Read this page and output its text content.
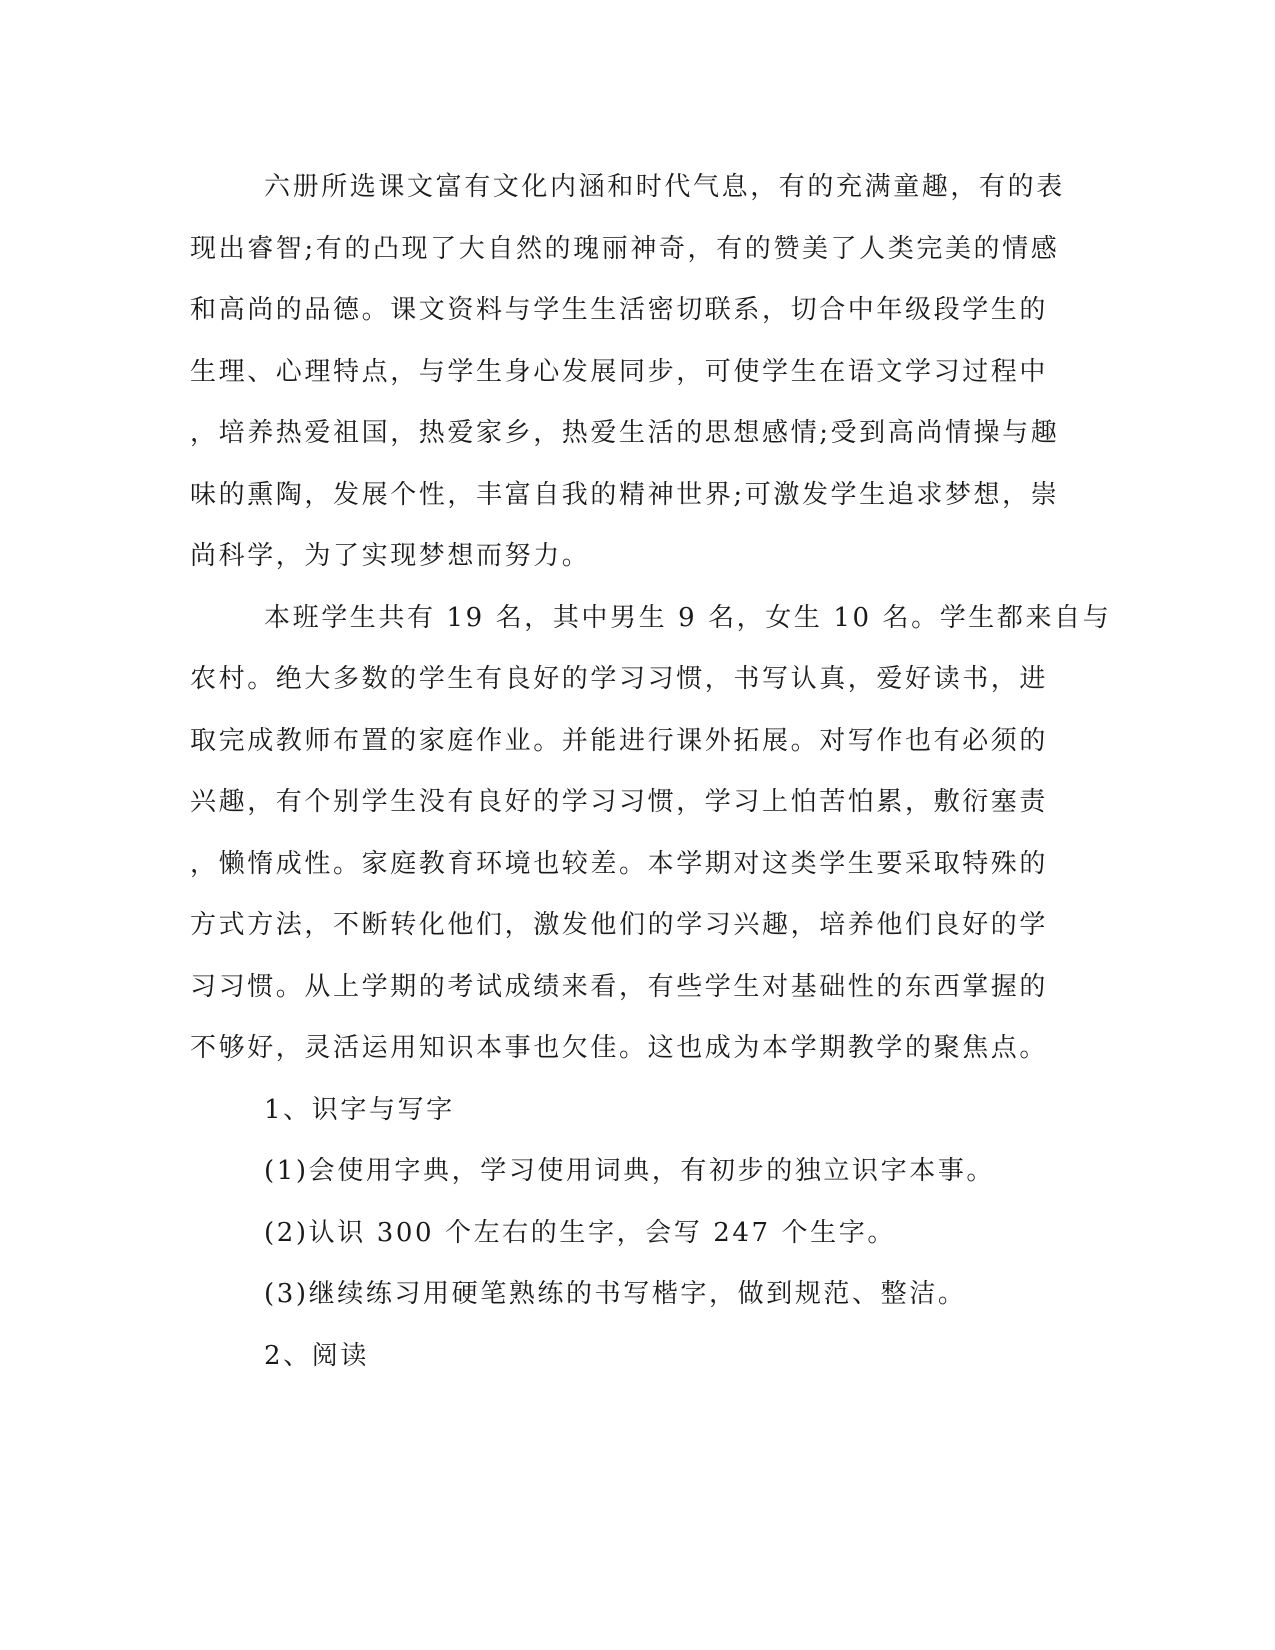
六册所选课文富有文化内涵和时代气息，有的充满童趣，有的表
现出睿智;有的凸现了大自然的瑰丽神奇，有的赞美了人类完美的情感
和高尚的品德。课文资料与学生生活密切联系，切合中年级段学生的
生理、心理特点，与学生身心发展同步，可使学生在语文学习过程中
，培养热爱祖国，热爱家乡，热爱生活的思想感情;受到高尚情操与趣
味的熏陶，发展个性，丰富自我的精神世界;可激发学生追求梦想，崇
尚科学，为了实现梦想而努力。
本班学生共有 19 名，其中男生 9 名，女生 10 名。学生都来自与
农村。绝大多数的学生有良好的学习习惯，书写认真，爱好读书，进
取完成教师布置的家庭作业。并能进行课外拓展。对写作也有必须的
兴趣，有个别学生没有良好的学习习惯，学习上怕苦怕累，敷衍塞责
，懒惰成性。家庭教育环境也较差。本学期对这类学生要采取特殊的
方式方法，不断转化他们，激发他们的学习兴趣，培养他们良好的学
习习惯。从上学期的考试成绩来看，有些学生对基础性的东西掌握的
不够好，灵活运用知识本事也欠佳。这也成为本学期教学的聚焦点。
1、识字与写字
(1)会使用字典，学习使用词典，有初步的独立识字本事。
(2)认识 300 个左右的生字，会写 247 个生字。
(3)继续练习用硬笔熟练的书写楷字，做到规范、整洁。
2、阅读
